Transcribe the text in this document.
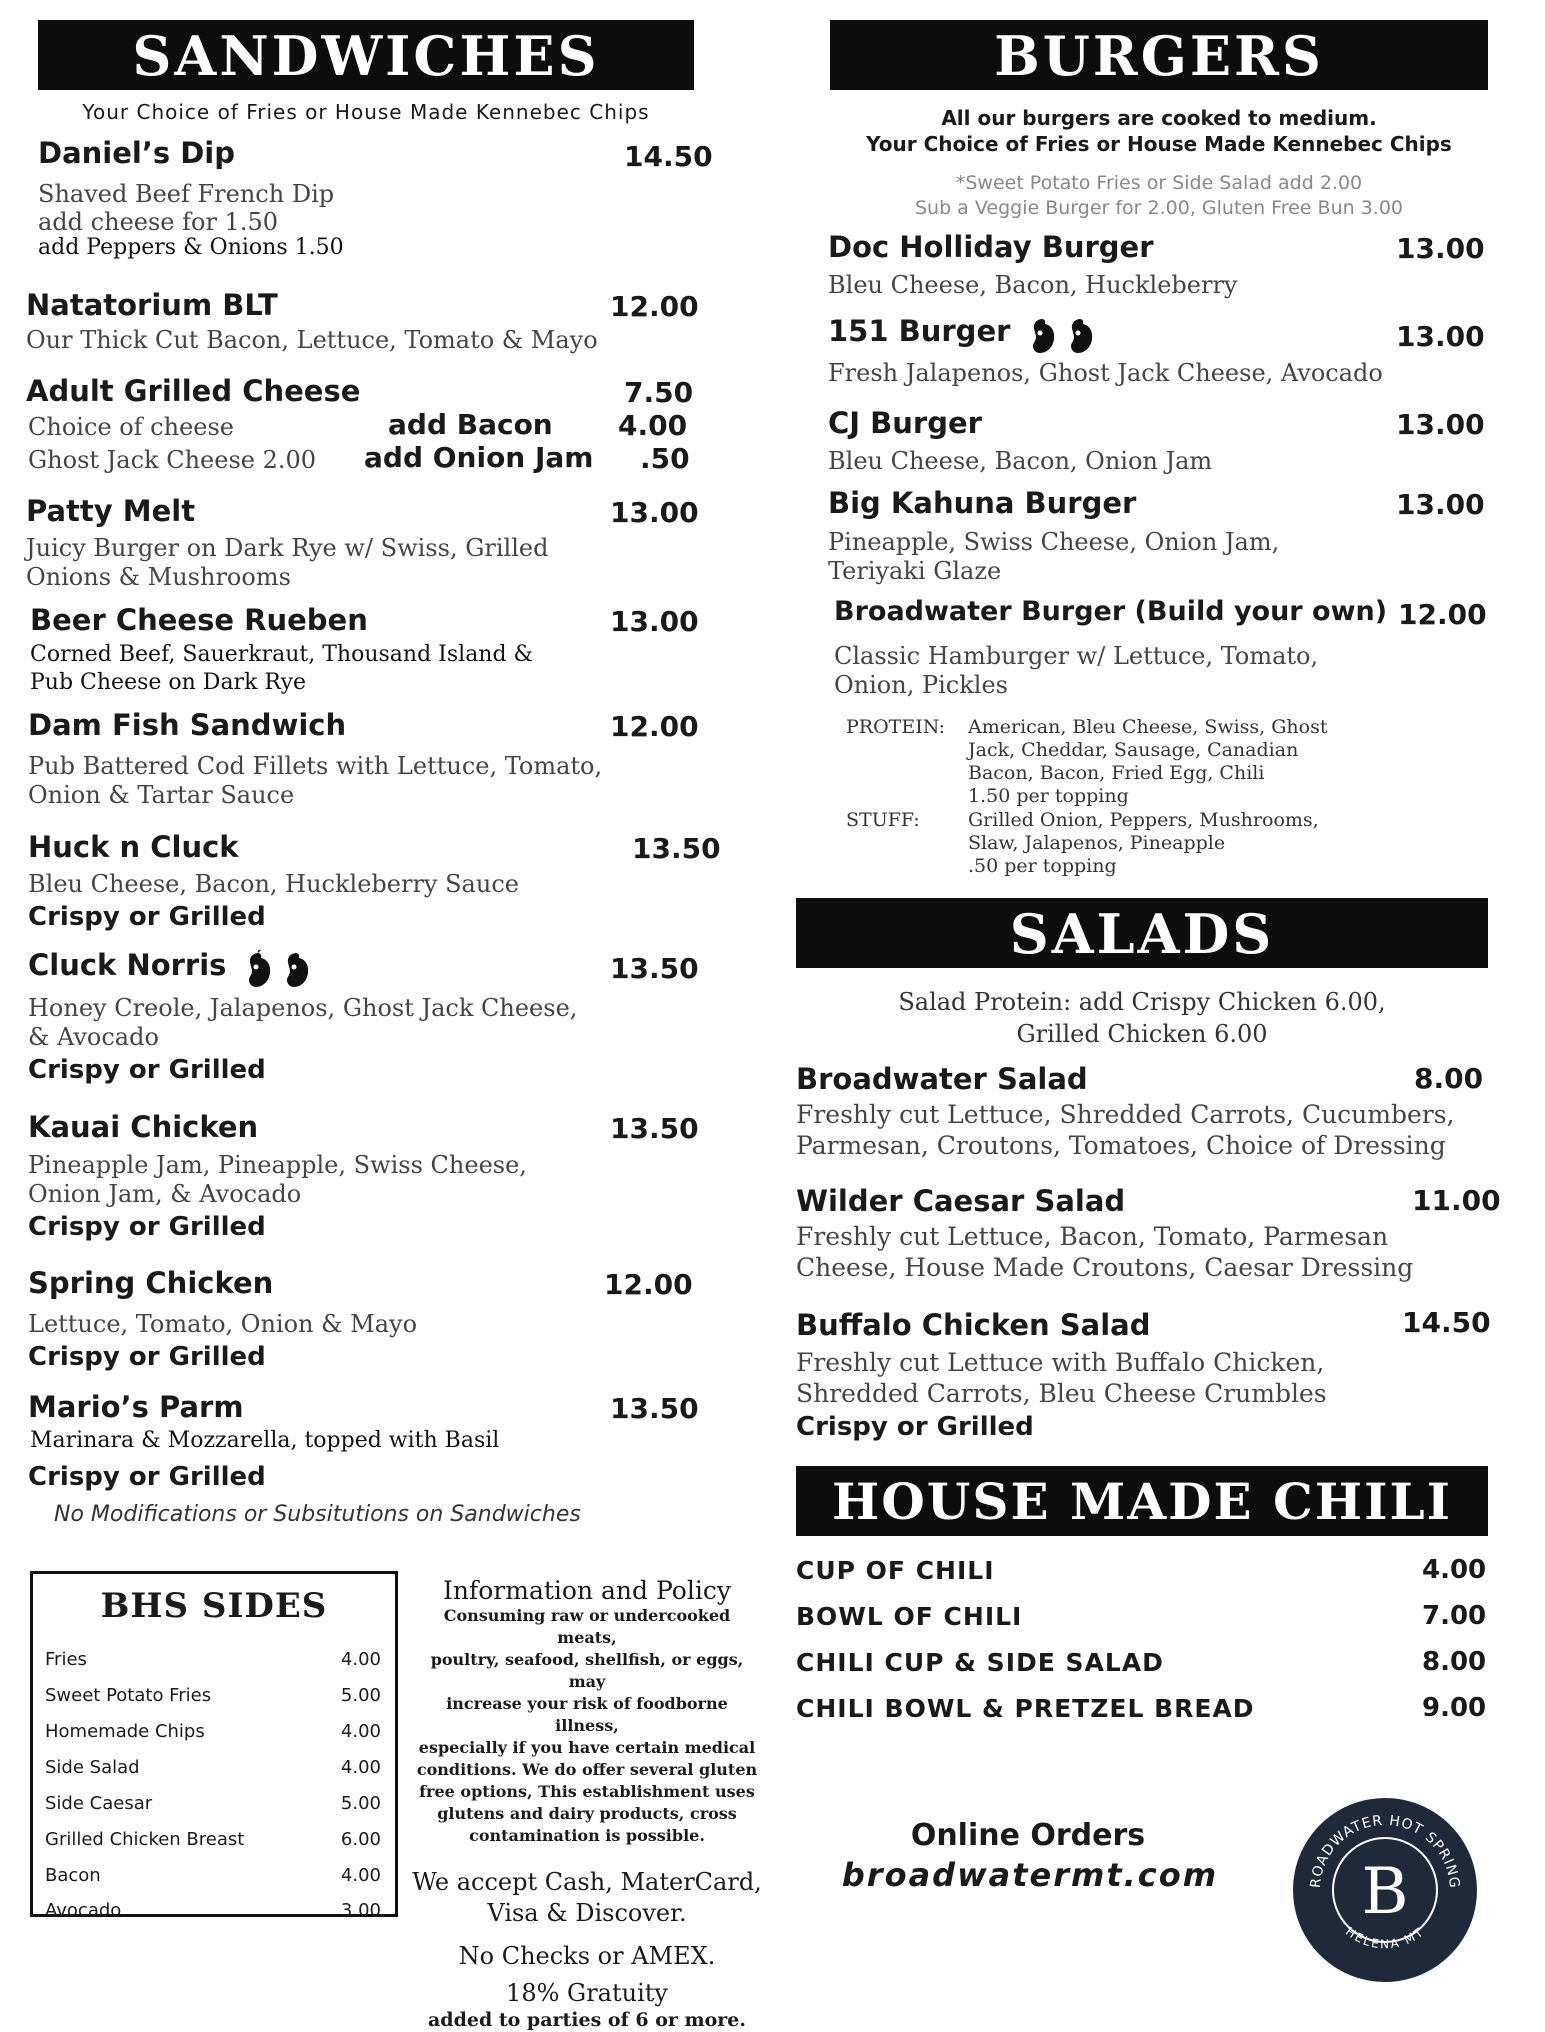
SANDWICHES
Your Choice of Fries or House Made Kennebec Chips
Daniel’s Dip	14.50
Shaved Beef French Dip
add cheese for 1.50
add Peppers & Onions 1.50
Natatorium BLT	12.00
Our Thick Cut Bacon, Lettuce, Tomato & Mayo
Adult Grilled Cheese	7.50
Choice of cheese
Ghost Jack Cheese 2.00
add Bacon 4.00
add Onion Jam .50
Patty Melt	13.00
Juicy Burger on Dark Rye w/ Swiss, Grilled
Onions & Mushrooms
Beer Cheese Rueben	13.00
Corned Beef, Sauerkraut, Thousand Island &
Pub Cheese on Dark Rye
Dam Fish Sandwich	12.00
Pub Battered Cod Fillets with Lettuce, Tomato,
Onion & Tartar Sauce
Huck n Cluck	13.50
Bleu Cheese, Bacon, Huckleberry Sauce
Crispy or Grilled
Cluck Norris	13.50
Honey Creole, Jalapenos, Ghost Jack Cheese,
& Avocado
Crispy or Grilled
Kauai Chicken	13.50
Pineapple Jam, Pineapple, Swiss Cheese,
Onion Jam, & Avocado
Crispy or Grilled
Spring Chicken	12.00
Lettuce, Tomato, Onion & Mayo
Crispy or Grilled
Mario’s Parm	13.50
Marinara & Mozzarella, topped with Basil
Crispy or Grilled
No Modifications or Subsitutions on Sandwiches
BHS SIDES
Fries	4.00
Sweet Potato Fries	5.00
Homemade Chips	4.00
Side Salad	4.00
Side Caesar	5.00
Grilled Chicken Breast	6.00
Bacon	4.00
Avocado	3.00
Information and Policy
Consuming raw or undercooked meats,
poultry, seafood, shellfish, or eggs, may
increase your risk of foodborne illness,
especially if you have certain medical
conditions. We do offer several gluten
free options, This establishment uses
glutens and dairy products, cross
contamination is possible.
We accept Cash, MaterCard,
Visa & Discover.
No Checks or AMEX.
18% Gratuity
added to parties of 6 or more.
BURGERS
All our burgers are cooked to medium.
Your Choice of Fries or House Made Kennebec Chips
*Sweet Potato Fries or Side Salad add 2.00
Sub a Veggie Burger for 2.00, Gluten Free Bun 3.00
Doc Holliday Burger	13.00
Bleu Cheese, Bacon, Huckleberry
151 Burger	13.00
Fresh Jalapenos, Ghost Jack Cheese, Avocado
CJ Burger	13.00
Bleu Cheese, Bacon, Onion Jam
Big Kahuna Burger	13.00
Pineapple, Swiss Cheese, Onion Jam,
Teriyaki Glaze
Broadwater Burger (Build your own) 12.00
Classic Hamburger w/ Lettuce, Tomato,
Onion, Pickles
PROTEIN: American, Bleu Cheese, Swiss, Ghost
Jack, Cheddar, Sausage, Canadian
Bacon, Bacon, Fried Egg, Chili
1.50 per topping
STUFF:	Grilled Onion, Peppers, Mushrooms,
Slaw, Jalapenos, Pineapple
.50 per topping
SALADS
Salad Protein: add Crispy Chicken 6.00,
Grilled Chicken 6.00
Broadwater Salad	8.00
Freshly cut Lettuce, Shredded Carrots, Cucumbers,
Parmesan, Croutons, Tomatoes, Choice of Dressing
Wilder Caesar Salad	11.00
Freshly cut Lettuce, Bacon, Tomato, Parmesan
Cheese, House Made Croutons, Caesar Dressing
Buffalo Chicken Salad	14.50
Freshly cut Lettuce with Buffalo Chicken,
Shredded Carrots, Bleu Cheese Crumbles
Crispy or Grilled
HOUSE MADE CHILI
CUP OF CHILI	4.00
BOWL OF CHILI	7.00
CHILI CUP & SIDE SALAD	8.00
CHILI BOWL & PRETZEL BREAD	9.00
Online Orders
broadwatermt.com	ROADWATER HOT SPRING
HELENA MT
B
